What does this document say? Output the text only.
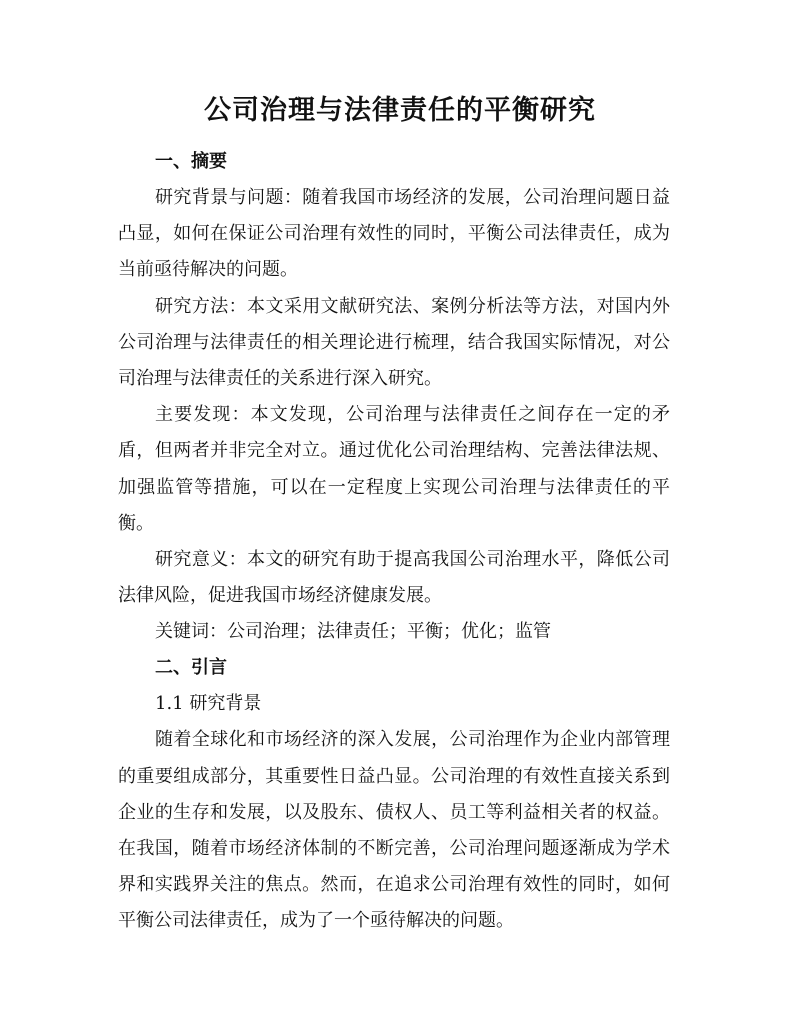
公司治理与法律责任的平衡研究
一、摘要

研究背景与问题：随着我国市场经济的发展，公司治理问题日益凸显，如何在保证公司治理有效性的同时，平衡公司法律责任，成为当前亟待解决的问题。

研究方法：本文采用文献研究法、案例分析法等方法，对国内外公司治理与法律责任的相关理论进行梳理，结合我国实际情况，对公司治理与法律责任的关系进行深入研究。

主要发现：本文发现，公司治理与法律责任之间存在一定的矛盾，但两者并非完全对立。通过优化公司治理结构、完善法律法规、加强监管等措施，可以在一定程度上实现公司治理与法律责任的平衡。

研究意义：本文的研究有助于提高我国公司治理水平，降低公司法律风险，促进我国市场经济健康发展。

关键词：公司治理；法律责任；平衡；优化；监管
二、引言
1.1 研究背景

随着全球化和市场经济的深入发展，公司治理作为企业内部管理的重要组成部分，其重要性日益凸显。公司治理的有效性直接关系到企业的生存和发展，以及股东、债权人、员工等利益相关者的权益。在我国，随着市场经济体制的不断完善，公司治理问题逐渐成为学术界和实践界关注的焦点。然而，在追求公司治理有效性的同时，如何平衡公司法律责任，成为了一个亟待解决的问题。
